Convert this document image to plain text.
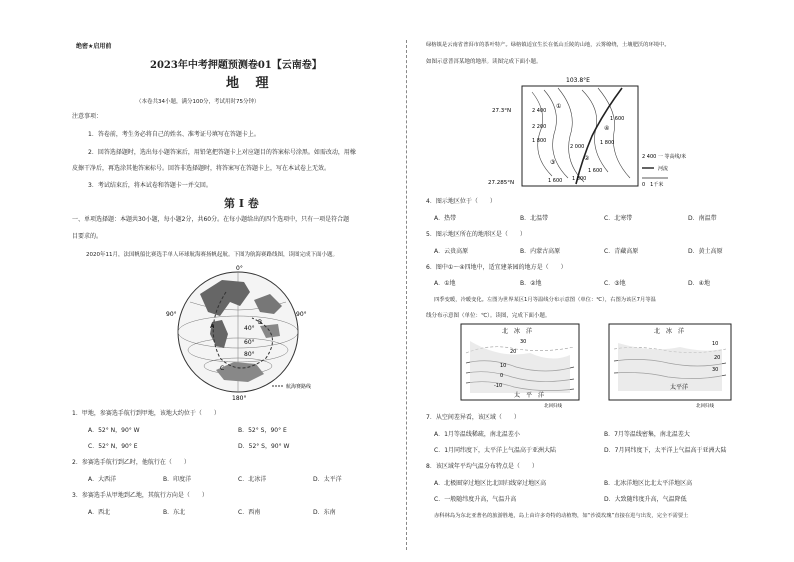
绝密★启用前
2023年中考押题预测卷01【云南卷】
地 理
（本卷共34小题，满分100分，考试用时75分钟）
注意事项：
1．答卷前，考生务必将自己的姓名、准考证号填写在答题卡上。
2．回答选择题时，选出每小题答案后，用铅笔把答题卡上对应题目的答案标号涂黑。如需改动，用橡
皮擦干净后，再选涂其他答案标号。回答非选择题时，将答案写在答题卡上，写在本试卷上无效。
3．考试结束后，将本试卷和答题卡一并交回。
第 I 卷
一、单项选择题：本题共30小题，每小题2分，共60分。在每小题给出的四个选项中，只有一项是符合题
目要求的。
2020年11月，法国帆船比赛选手单人环球航海赛扬帆起航。下图为航海赛路线图，读图完成下面小题。
0°
90°	90°
180°
40°
60°
80°
A
B
C
航海赛路线
1．甲地，参赛选手航行到甲地，该地大约位于（　　）
A．52° N，90° W	B．52° S，90° E
C．52° N，90° E	D．52° S，90° W
2．参赛选手航行到乙时，他航行在（　　）
A．大西洋	B．印度洋	C．北冰洋	D．太平洋
3．参赛选手从甲地到乙地，其航行方向是（　　）
A．西北	B．东北	C．西南	D．东南
绿榕镇是云南省普洱市的茶叶特产。绿榕镇适宜生长在低山丘陵的山地，云雾缭绕，土壤肥沃的环境中。
如图示意普洱某地的地形。读图完成下面小题。
103.8°E
27.3°N
27.285°N
2 400
2 200
1 800
2 000
1 800
1 600
1 600 1 800
1 600
①
②
③
④
2 400 一 等高线/米
河流
0　1千米
4．图示地区位于（　　）
A．热带	B．北温带	C．北寒带	D．南温带
5．图示地区所在的地形区是（　　）
A．云贵高原	B．内蒙古高原	C．青藏高原	D．黄土高原
6．图中①～④四地中，适宜建茶园的地方是（　　）
A．①地	B．②地	C．③地	D．④地
四季变暖，冷暖变化。左图为世界某区1月等温线分布示意图（单位：℃），右图为该区7月等温
线分布示意图（单位：℃）。读图，完成下面小题。
北　冰　洋
太　平　洋
30
20
10
0
-10
北回归线
北　冰　洋
太平洋
10
20
30
北回归线
7．从空间差异看，该区域（　　）
A．1月等温线稀疏，南北温差小	B．7月等温线密集，南北温差大
C．1月同纬度下，太平洋上气温高于亚洲大陆	D．7月同纬度下，太平洋上气温高于亚洲大陆
8．该区域年平均气温分布特点是（　　）
A．北极圈穿过地区比北回归线穿过地区高	B．北冰洋地区比北太平洋地区高
C．一般随纬度升高，气温升高	D．大致随纬度升高，气温降低
赤科林岛为东北亚著名的旅游胜地，岛上由许多奇特的动植物，如“沙漠玫瑰”直接在进与出发，完全不需要土
